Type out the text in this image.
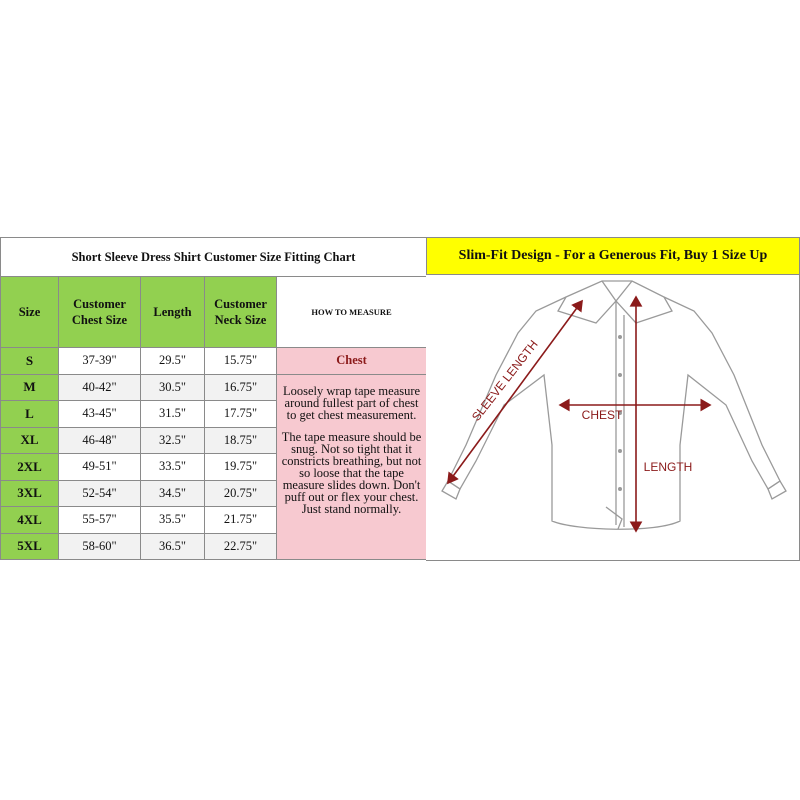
Short Sleeve Dress Shirt Customer Size Fitting Chart				
Size	Customer Chest Size	Length	Customer Neck Size	HOW TO MEASURE
S	37-39"	29.5"	15.75"	Chest
M	40-42"	30.5"	16.75"	Loosely wrap tape measure around fullest part of chest to get chest measurement.

The tape measure should be snug. Not so tight that it constricts breathing, but not so loose that the tape measure slides down. Don't puff out or flex your chest. Just stand normally.

L	43-45"	31.5"	17.75"	
XL	46-48"	32.5"	18.75"	
2XL	49-51"	33.5"	19.75"	
3XL	52-54"	34.5"	20.75"	
4XL	55-57"	35.5"	21.75"	
5XL	58-60"	36.5"	22.75"	
Slim-Fit Design - For a Generous Fit, Buy 1 Size Up
SLEEVE LENGTH	CHEST
LENGTH
